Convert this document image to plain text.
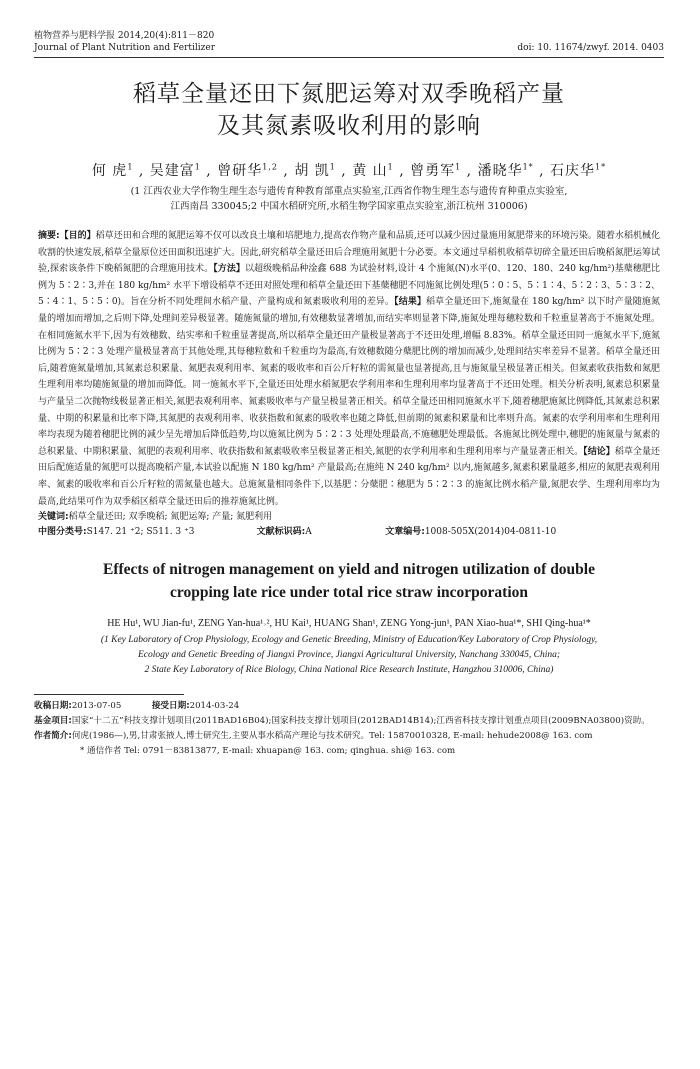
植物营养与肥料学报 2014,20(4):811－820
Journal of Plant Nutrition and Fertilizer	doi: 10. 11674/zwyf. 2014. 0403
稻草全量还田下氮肥运筹对双季晚稻产量
及其氮素吸收利用的影响
何 虎$^1$ , 吴建富$^1$ , 曾研华$^{1,2}$ , 胡 凯$^1$ , 黄 山$^1$ , 曾勇军$^1$ , 潘晓华$^{1*}$ , 石庆华$^{1*}$
(1 江西农业大学作物生理生态与遗传育种教育部重点实验室,江西省作物生理生态与遗传育种重点实验室,
江西南昌 330045;2 中国水稻研究所,水稻生物学国家重点实验室,浙江杭州 310006)
摘要:【目的】稻草还田和合理的氮肥运筹不仅可以改良土壤和培肥地力,提高农作物产量和品质,还可以减少因过量施用氮肥带来的环境污染。随着水稻机械化收割的快速发展,稻草全量原位还田面积迅速扩大。因此,研究稻草全量还田后合理施用氮肥十分必要。本文通过早稻机收稻草切碎全量还田后晚稻氮肥运筹试验,探索该条件下晚稻氮肥的合理施用技术。【方法】以超级晚稻品种淦鑫 688 为试验材料,设计 4 个施氮(N)水平(0、120、180、240 kg/hm²)基蘖穗肥比例为 5∶2∶3,并在 180 kg/hm² 水平下增设稻草不还田对照处理和稻草全量还田下基蘖穗肥不同施氮比例处理(5∶0∶5、5∶1∶4、5∶2∶3、5∶3∶2、5∶4∶1、5∶5∶0)。旨在分析不同处理间水稻产量、产量构成和氮素吸收利用的差异。【结果】稻草全量还田下,施氮量在 180 kg/hm² 以下时产量随施氮量的增加而增加,之后则下降,处理间差异极显著。随施氮量的增加,有效穗数显著增加,而结实率则显著下降,施氮处理每穗粒数和千粒重显著高于不施氮处理。在相同施氮水平下,因为有效穗数、结实率和千粒重显著提高,所以稻草全量还田产量极显著高于不还田处理,增幅 8.83%。稻草全量还田同一施氮水平下,施氮比例为 5∶2∶3 处理产量极显著高于其他处理,其每穗粒数和千粒重均为最高,有效穗数随分蘖肥比例的增加而减少,处理间结实率差异不显著。稻草全量还田后,随着施氮量增加,其氮素总积累量、氮肥表观利用率、氮素的吸收率和百公斤籽粒的需氮量也显著提高,且与施氮量呈极显著正相关。但氮素收获指数和氮肥生理利用率均随施氮量的增加而降低。同一施氮水平下,全量还田处理水稻氮肥农学利用率和生理利用率均显著高于不还田处理。相关分析表明,氮素总积累量与产量呈二次抛物线极显著正相关,氮肥表观利用率、氮素吸收率与产量呈极显著正相关。稻草全量还田相同施氮水平下,随着穗肥施氮比例降低,其氮素总积累量、中期的积累量和比率下降,其氮肥的表观利用率、收获指数和氮素的吸收率也随之降低,但前期的氮素积累量和比率则升高。氮素的农学利用率和生理利用率均表现为随着穗肥比例的减少呈先增加后降低趋势,均以施氮比例为 5∶2∶3 处理处理最高,不施穗肥处理最低。各施氮比例处理中,穗肥的施氮量与氮素的总积累量、中期积累量、氮肥的表观利用率、收获指数和氮素吸收率呈极显著正相关,氮肥的农学利用率和生理利用率与产量显著正相关。【结论】稻草全量还田后配施适量的氮肥可以提高晚稻产量,本试验以配施 N 180 kg/hm² 产量最高;在施纯 N 240 kg/hm² 以内,施氮越多,氮素积累量越多,相应的氮肥表观利用率、氮素的吸收率和百公斤籽粒的需氮量也越大。总施氮量相同条件下,以基肥∶分蘖肥∶穗肥为 5∶2∶3 的施氮比例水稻产量,氮肥农学、生理利用率均为最高,此结果可作为双季稻区稻草全量还田后的推荐施氮比例。
关键词:稻草全量还田; 双季晚稻; 氮肥运筹; 产量; 氮肥利用
中图分类号: S147. 21 ⁺2; S511. 3 ⁺3	文献标识码: A	文章编号: 1008-505X(2014)04-0811-10
Effects of nitrogen management on yield and nitrogen utilization of double
cropping late rice under total rice straw incorporation
HE Hu¹, WU Jian-fu¹, ZENG Yan-hua¹˒², HU Kai¹, HUANG Shan¹, ZENG Yong-jun¹, PAN Xiao-hua¹*, SHI Qing-hua¹*
(1 Key Laboratory of Crop Physiology, Ecology and Genetic Breeding, Ministry of Education/Key Laboratory of Crop Physiology,
Ecology and Genetic Breeding of Jiangxi Province, Jiangxi Agricultural University, Nanchang 330045, China;
2 State Key Laboratory of Rice Biology, China National Rice Research Institute, Hangzhou 310006, China)
收稿日期: 2013-07-05	接受日期: 2014-03-24
基金项目: 国家“十二五”科技支撑计划项目(2011BAD16B04);国家科技支撑计划项目(2012BAD14B14);江西省科技支撑计划重点项目(2009BNA03800)资助。
作者简介: 何虎(1986—),男,甘肃张掖人,博士研究生,主要从事水稻高产理论与技术研究。Tel: 15870010328, E-mail: hehude2008@ 163. com
* 通信作者 Tel: 0791－83813877, E-mail: xhuapan@ 163. com; qinghua. shi@ 163. com
